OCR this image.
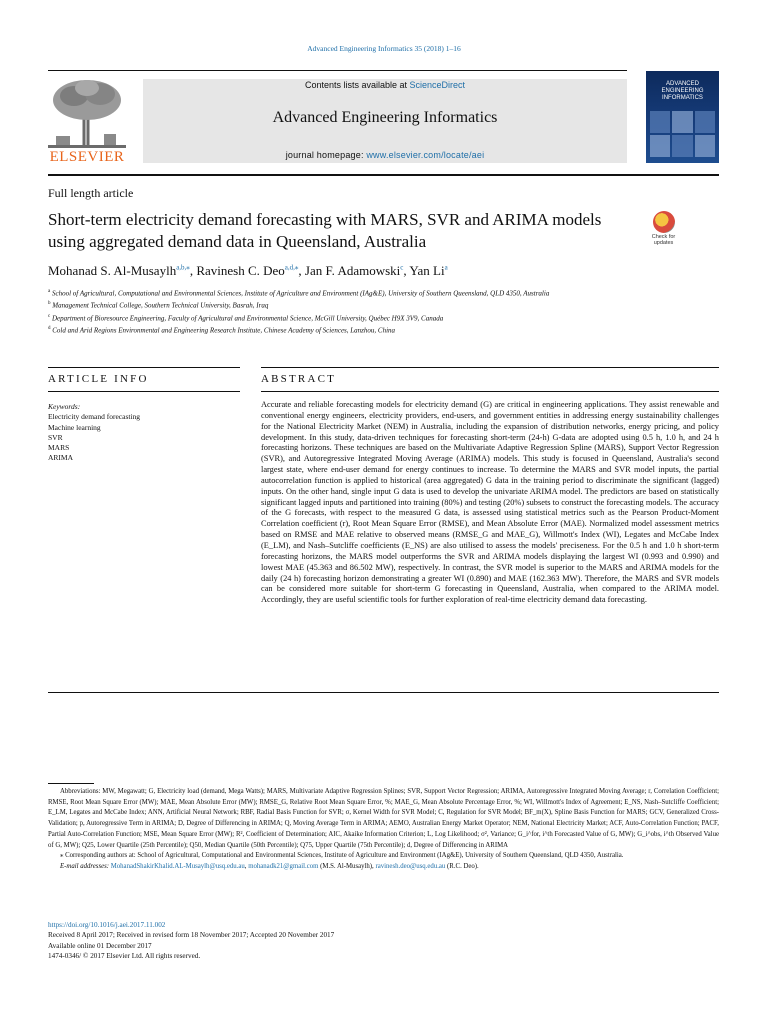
Advanced Engineering Informatics 35 (2018) 1–16
ELSEVIER
Contents lists available at ScienceDirect
Advanced Engineering Informatics
journal homepage: www.elsevier.com/locate/aei
ADVANCED ENGINEERING INFORMATICS
Full length article
Short-term electricity demand forecasting with MARS, SVR and ARIMA models using aggregated demand data in Queensland, Australia	Check for updates
Mohanad S. Al-Musaylh$^{a,b,⁎}$, Ravinesh C. Deo$^{a,d,⁎}$, Jan F. Adamowski$^c$, Yan Li$^a$
$^a$ School of Agricultural, Computational and Environmental Sciences, Institute of Agriculture and Environment (IAg&E), University of Southern Queensland, QLD 4350, Australia
$^b$ Management Technical College, Southern Technical University, Basrah, Iraq
$^c$ Department of Bioresource Engineering, Faculty of Agricultural and Environmental Science, McGill University, Québec H9X 3V9, Canada
$^d$ Cold and Arid Regions Environmental and Engineering Research Institute, Chinese Academy of Sciences, Lanzhou, China
ARTICLE INFO	ABSTRACT
Keywords:
Electricity demand forecasting
Machine learning
SVR
MARS
ARIMA
Accurate and reliable forecasting models for electricity demand (G) are critical in engineering applications. They assist renewable and conventional energy engineers, electricity providers, end-users, and government entities in addressing energy sustainability challenges for the National Electricity Market (NEM) in Australia, including the expansion of distribution networks, energy pricing, and policy development. In this study, data-driven techniques for forecasting short-term (24-h) G-data are adopted using 0.5 h, 1.0 h, and 24 h forecasting horizons. These techniques are based on the Multivariate Adaptive Regression Spline (MARS), Support Vector Regression (SVR), and Autoregressive Integrated Moving Average (ARIMA) models. This study is focused in Queensland, Australia's second largest state, where end-user demand for energy continues to increase. To determine the MARS and SVR model inputs, the partial autocorrelation function is applied to historical (area aggregated) G data in the training period to discriminate the significant (lagged) inputs. On the other hand, single input G data is used to develop the univariate ARIMA model. The predictors are based on statistically significant lagged inputs and partitioned into training (80%) and testing (20%) subsets to construct the forecasting models. The accuracy of the G forecasts, with respect to the measured G data, is assessed using statistical metrics such as the Pearson Product-Moment Correlation coefficient (r), Root Mean Square Error (RMSE), and Mean Absolute Error (MAE). Normalized model assessment metrics based on RMSE and MAE relative to observed means (RMSE_G and MAE_G), Willmott's Index (WI), Legates and McCabe Index (E_LM), and Nash–Sutcliffe coefficients (E_NS) are also utilised to assess the models' preciseness. For the 0.5 h and 1.0 h short-term forecasting horizons, the MARS model outperforms the SVR and ARIMA models displaying the largest WI (0.993 and 0.990) and lowest MAE (45.363 and 86.502 MW), respectively. In contrast, the SVR model is superior to the MARS and ARIMA models for the daily (24 h) forecasting horizon demonstrating a greater WI (0.890) and MAE (162.363 MW). Therefore, the MARS and SVR models can be considered more suitable for short-term G forecasting in Queensland, Australia, when compared to the ARIMA model. Accordingly, they are useful scientific tools for further exploration of real-time electricity demand data forecasting.

Abbreviations: MW, Megawatt; G, Electricity load (demand, Mega Watts); MARS, Multivariate Adaptive Regression Splines; SVR, Support Vector Regression; ARIMA, Autoregressive Integrated Moving Average; r, Correlation Coefficient; RMSE, Root Mean Square Error (MW); MAE, Mean Absolute Error (MW); RMSE_G, Relative Root Mean Square Error, %; MAE_G, Mean Absolute Percentage Error, %; WI, Willmott's Index of Agreement; E_NS, Nash–Sutcliffe Coefficient; E_LM, Legates and McCabe Index; ANN, Artificial Neural Network; RBF, Radial Basis Function for SVR; σ, Kernel Width for SVR Model; C, Regulation for SVR Model; BF_m(X), Spline Basis Function for MARS; GCV, Generalized Cross-Validation; p, Autoregressive Term in ARIMA; D, Degree of Differencing in ARIMA; Q, Moving Average Term in ARIMA; AEMO, Australian Energy Market Operator; NEM, National Electricity Market; ACF, Auto-Correlation Function; PACF, Partial Auto-Correlation Function; MSE, Mean Square Error (MW); R², Coefficient of Determination; AIC, Akaike Information Criterion; L, Log Likelihood; σ², Variance; G_i^for, i^th Forecasted Value of G, MW); G_i^obs, i^th Observed Value of G, MW); Q25, Lower Quartile (25th Percentile); Q50, Median Quartile (50th Percentile); Q75, Upper Quartile (75th Percentile); d, Degree of Differencing in ARIMA

⁎ Corresponding authors at: School of Agricultural, Computational and Environmental Sciences, Institute of Agriculture and Environment (IAg&E), University of Southern Queensland, QLD 4350, Australia.

E-mail addresses: MohanadShakirKhalid.AL-Musaylh@usq.edu.au, mohanadk21@gmail.com (M.S. Al-Musaylh), ravinesh.deo@usq.edu.au (R.C. Deo).

https://doi.org/10.1016/j.aei.2017.11.002

Received 8 April 2017; Received in revised form 18 November 2017; Accepted 20 November 2017

Available online 01 December 2017

1474-0346/ © 2017 Elsevier Ltd. All rights reserved.
